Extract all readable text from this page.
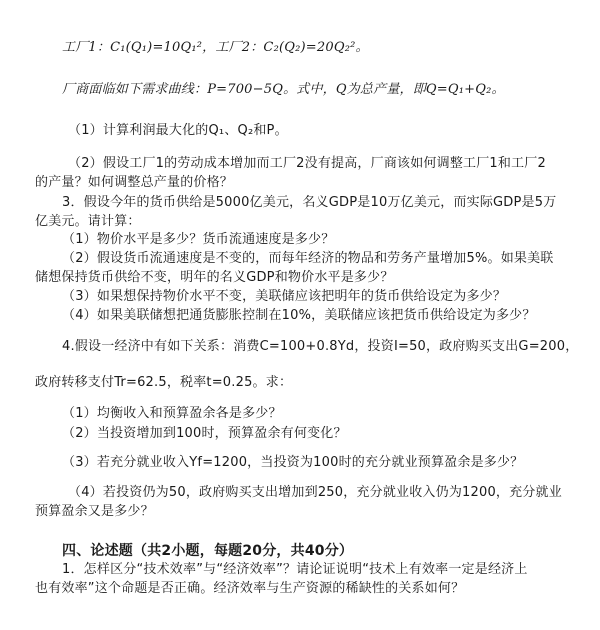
工厂1：C₁(Q₁)=10Q₁²，工厂2：C₂(Q₂)=20Q₂²。
厂商面临如下需求曲线：P=700−5Q。式中，Q为总产量，即Q=Q₁+Q₂。
（1）计算利润最大化的Q₁、Q₂和P。
（2）假设工厂1的劳动成本增加而工厂2没有提高，厂商该如何调整工厂1和工厂2
的产量？如何调整总产量的价格？
3．假设今年的货币供给是5000亿美元，名义GDP是10万亿美元，而实际GDP是5万
亿美元。请计算：
（1）物价水平是多少？货币流通速度是多少？
（2）假设货币流通速度是不变的，而每年经济的物品和劳务产量增加5%。如果美联
储想保持货币供给不变，明年的名义GDP和物价水平是多少？
（3）如果想保持物价水平不变，美联储应该把明年的货币供给设定为多少？
（4）如果美联储想把通货膨胀控制在10%，美联储应该把货币供给设定为多少？
4.假设一经济中有如下关系：消费C=100+0.8Yd，投资I=50，政府购买支出G=200，
政府转移支付Tr=62.5，税率t=0.25。求：
（1）均衡收入和预算盈余各是多少？
（2）当投资增加到100时，预算盈余有何变化？
（3）若充分就业收入Yf=1200，当投资为100时的充分就业预算盈余是多少？
（4）若投资仍为50，政府购买支出增加到250，充分就业收入仍为1200，充分就业
预算盈余又是多少？
四、论述题（共2小题，每题20分，共40分）
1．怎样区分“技术效率”与“经济效率”？请论证说明“技术上有效率一定是经济上
也有效率”这个命题是否正确。经济效率与生产资源的稀缺性的关系如何？
